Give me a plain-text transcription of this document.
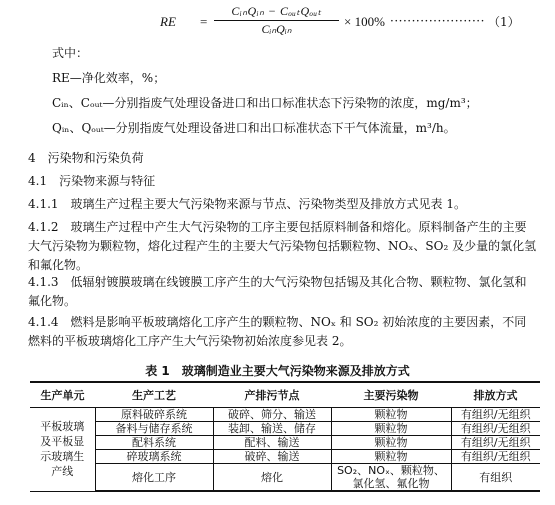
RE =
CᵢₙQᵢₙ − CₒᵤₜQₒᵤₜ
CᵢₙQᵢₙ	× 100% ······················ （1）
式中：
RE—净化效率，%；
Cᵢₙ、Cₒᵤₜ—分别指废气处理设备进口和出口标准状态下污染物的浓度，mg/m³；
Qᵢₙ、Qₒᵤₜ—分别指废气处理设备进口和出口标准状态下干气体流量，m³/h。
4　污染物和污染负荷
4.1　污染物来源与特征
4.1.1　玻璃生产过程主要大气污染物来源与节点、污染物类型及排放方式见表 1。
4.1.2　玻璃生产过程中产生大气污染物的工序主要包括原料制备和熔化。原料制备产生的主要大气污染物为颗粒物，熔化过程产生的主要大气污染物包括颗粒物、NOₓ、SO₂ 及少量的氯化氢和氟化物。
4.1.3　低辐射镀膜玻璃在线镀膜工序产生的大气污染物包括锡及其化合物、颗粒物、氯化氢和氟化物。
4.1.4　燃料是影响平板玻璃熔化工序产生的颗粒物、NOₓ 和 SO₂ 初始浓度的主要因素，不同燃料的平板玻璃熔化工序产生大气污染物初始浓度参见表 2。
表 1　玻璃制造业主要大气污染物来源及排放方式
生产单元	生产工艺	产排污节点	主要污染物	排放方式
平板玻璃及平板显示玻璃生产线	原料破碎系统	破碎、筛分、输送	颗粒物	有组织/无组织
	备料与储存系统	装卸、输送、储存	颗粒物	有组织/无组织
	配料系统	配料、输送	颗粒物	有组织/无组织
	碎玻璃系统	破碎、输送	颗粒物	有组织/无组织
	熔化工序	熔化	SO₂、NOₓ、颗粒物、氯化氢、氟化物	有组织
